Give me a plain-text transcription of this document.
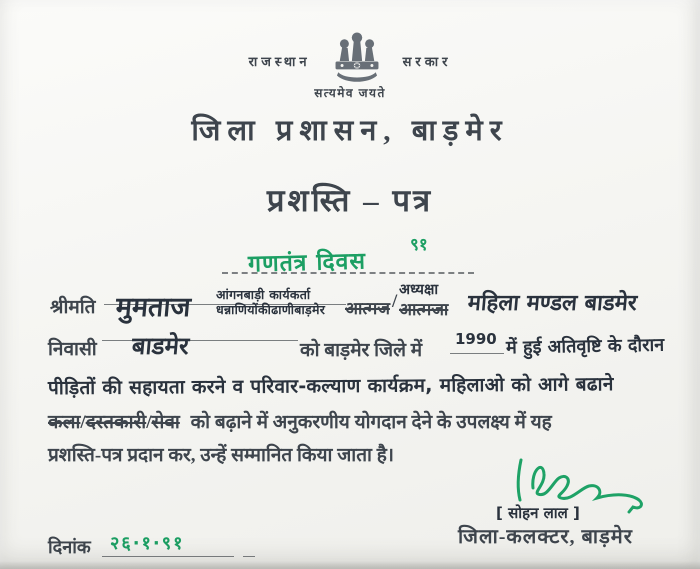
राजस्थान	सरकार
सत्यमेव जयते
जिला प्रशासन, बाड़मेर
प्रशस्ति – पत्र
गणतंत्र दिवस
९१
श्रीमति मुमताज आंगनबाड़ी कार्यकर्ता
धन्नाणियोंकीढाणीबाड़मेर आत्मज /
अध्यक्षा
आत्मजा महिला मण्डल बाडमेर
निवासी बाडमेर	को बाड़मेर जिले में
1990 में हुई अतिवृष्टि के दौरान
पीड़ितों की सहायता करने व परिवार-कल्याण कार्यक्रम, महिलाओ को आगे बढाने
कला/दस्तकारी/सेवा को बढ़ाने में अनुकरणीय योगदान देने के उपलक्ष्य में यह
प्रशस्ति-पत्र प्रदान कर, उन्हें सम्मानित किया जाता है।
[ सोहन लाल ]
जिला-कलक्टर, बाड़मेर
दिनांक २६·१·९१
